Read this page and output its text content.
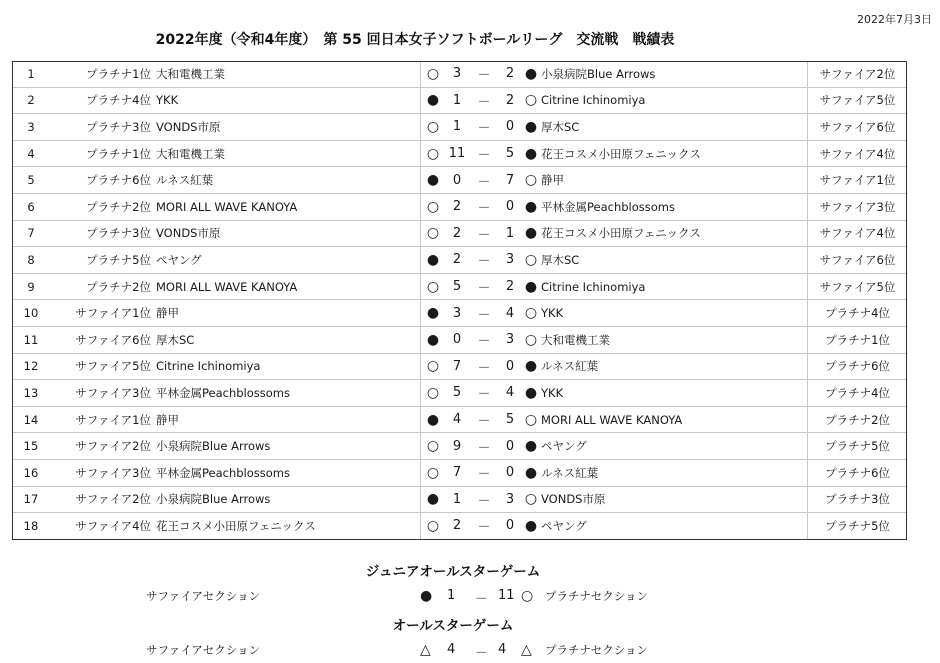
2022年7月3日
2022年度（令和4年度）　第 55 回日本女子ソフトボールリーグ　交流戦　戦績表
1	プラチナ1位	大和電機工業	○	3	－	2	●	小泉病院Blue Arrows	サファイア2位
2	プラチナ4位	YKK	●	1	－	2	○	Citrine Ichinomiya	サファイア5位
3	プラチナ3位	VONDS市原	○	1	－	0	●	厚木SC	サファイア6位
4	プラチナ1位	大和電機工業	○	11	－	5	●	花王コスメ小田原フェニックス	サファイア4位
5	プラチナ6位	ルネス紅葉	●	0	－	7	○	静甲	サファイア1位
6	プラチナ2位	MORI ALL WAVE KANOYA	○	2	－	0	●	平林金属Peachblossoms	サファイア3位
7	プラチナ3位	VONDS市原	○	2	－	1	●	花王コスメ小田原フェニックス	サファイア4位
8	プラチナ5位	ペヤング	●	2	－	3	○	厚木SC	サファイア6位
9	プラチナ2位	MORI ALL WAVE KANOYA	○	5	－	2	●	Citrine Ichinomiya	サファイア5位
10	サファイア1位	静甲	●	3	－	4	○	YKK	プラチナ4位
11	サファイア6位	厚木SC	●	0	－	3	○	大和電機工業	プラチナ1位
12	サファイア5位	Citrine Ichinomiya	○	7	－	0	●	ルネス紅葉	プラチナ6位
13	サファイア3位	平林金属Peachblossoms	○	5	－	4	●	YKK	プラチナ4位
14	サファイア1位	静甲	●	4	－	5	○	MORI ALL WAVE KANOYA	プラチナ2位
15	サファイア2位	小泉病院Blue Arrows	○	9	－	0	●	ペヤング	プラチナ5位
16	サファイア3位	平林金属Peachblossoms	○	7	－	0	●	ルネス紅葉	プラチナ6位
17	サファイア2位	小泉病院Blue Arrows	●	1	－	3	○	VONDS市原	プラチナ3位
18	サファイア4位	花王コスメ小田原フェニックス	○	2	－	0	●	ペヤング	プラチナ5位
ジュニアオールスターゲーム
サファイアセクション	● 1 － 11 ○ プラチナセクション
オールスターゲーム
サファイアセクション	△ 4 － 4 △ プラチナセクション
